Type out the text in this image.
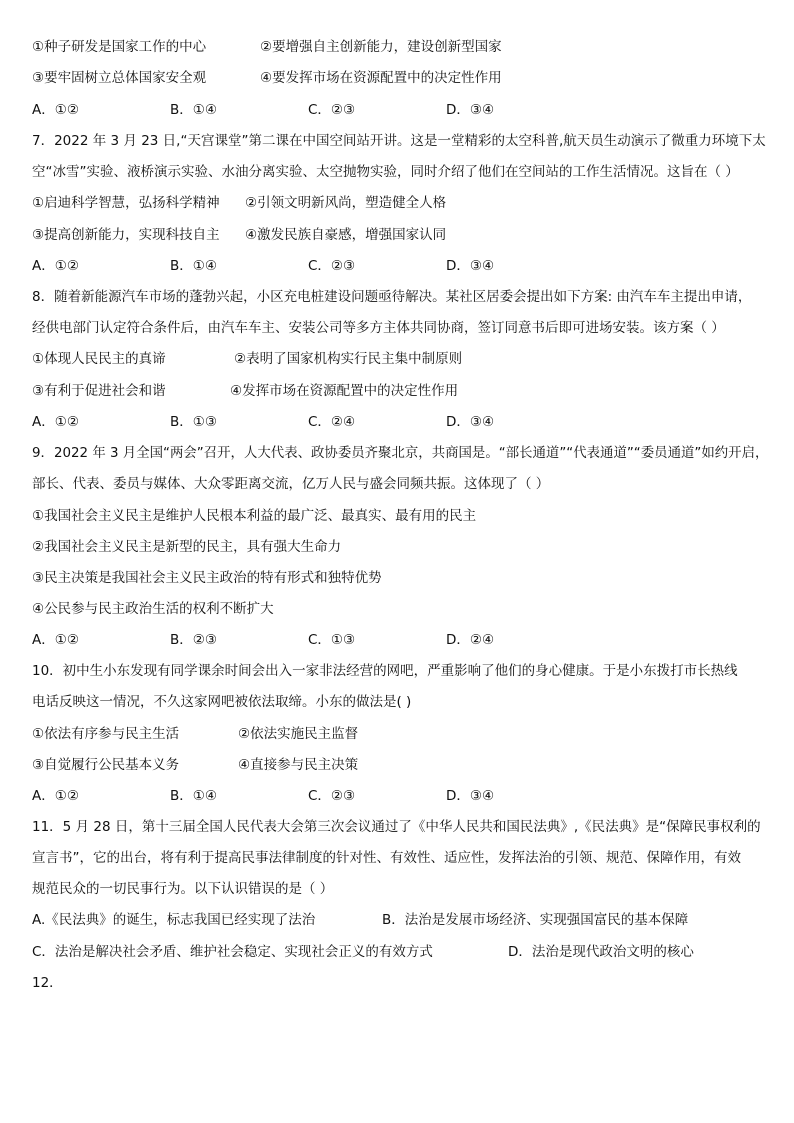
①种子研发是国家工作的中心	②要增强自主创新能力，建设创新型国家
③要牢固树立总体国家安全观	④要发挥市场在资源配置中的决定性作用
A．①②	B．①④	C．②③	D．③④
7．2022 年 3 月 23 日,“天宫课堂”第二课在中国空间站开讲。这是一堂精彩的太空科普,航天员生动演示了微重力环境下太
空“冰雪”实验、液桥演示实验、水油分离实验、太空抛物实验，同时介绍了他们在空间站的工作生活情况。这旨在（ ）
①启迪科学智慧，弘扬科学精神 ②引领文明新风尚，塑造健全人格
③提高创新能力，实现科技自主 ④激发民族自豪感，增强国家认同
A．①②	B．①④	C．②③	D．③④
8．随着新能源汽车市场的蓬勃兴起，小区充电桩建设问题亟待解决。某社区居委会提出如下方案: 由汽车车主提出申请，
经供电部门认定符合条件后，由汽车车主、安装公司等多方主体共同协商，签订同意书后即可进场安装。该方案（ ）
①体现人民民主的真谛	②表明了国家机构实行民主集中制原则
③有利于促进社会和谐	④发挥市场在资源配置中的决定性作用
A．①②	B．①③	C．②④	D．③④
9．2022 年 3 月全国“两会”召开，人大代表、政协委员齐聚北京，共商国是。“部长通道”“代表通道”“委员通道”如约开启，
部长、代表、委员与媒体、大众零距离交流，亿万人民与盛会同频共振。这体现了（ ）
①我国社会主义民主是维护人民根本利益的最广泛、最真实、最有用的民主
②我国社会主义民主是新型的民主，具有强大生命力
③民主决策是我国社会主义民主政治的特有形式和独特优势
④公民参与民主政治生活的权利不断扩大
A．①②	B．②③	C．①③	D．②④
10．初中生小东发现有同学课余时间会出入一家非法经营的网吧，严重影响了他们的身心健康。于是小东拨打市长热线
电话反映这一情况，不久这家网吧被依法取缔。小东的做法是( )
①依法有序参与民主生活	②依法实施民主监督
③自觉履行公民基本义务	④直接参与民主决策
A．①②	B．①④	C．②③	D．③④
11．5 月 28 日，第十三届全国人民代表大会第三次会议通过了《中华人民共和国民法典》,《民法典》是“保障民事权利的
宣言书”，它的出台，将有利于提高民事法律制度的针对性、有效性、适应性，发挥法治的引领、规范、保障作用，有效
规范民众的一切民事行为。以下认识错误的是（ ）
A.《民法典》的诞生，标志我国已经实现了法治	B．法治是发展市场经济、实现强国富民的基本保障
C．法治是解决社会矛盾、维护社会稳定、实现社会正义的有效方式	D．法治是现代政治文明的核心
12．
